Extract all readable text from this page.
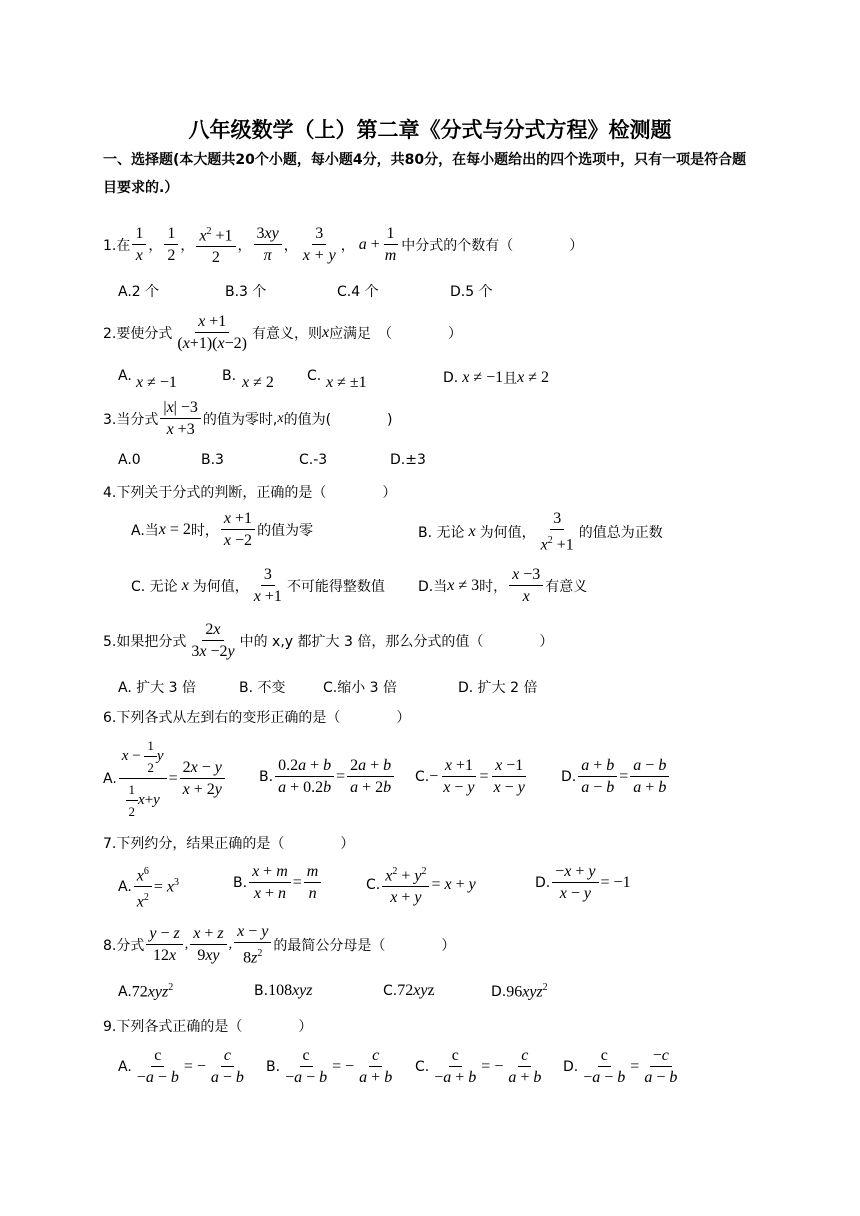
八年级数学（上）第二章《分式与分式方程》检测题
一、选择题(本大题共20个小题，每小题4分，共80分，在每小题给出的四个选项中，只有一项是符合题目要求的.）
1.在 $\frac{1}{x}$ ， $\frac{1}{2}$ ， $\frac{x^2 +1}{2}$ ， $\frac{3xy}{\pi}$ ， $\frac{3}{x + y}$ ， $a + \frac{1}{m}$ 中分式的个数有（　　　　）
A.2 个	B.3 个	C.4 个	D.5 个
2.要使分式 $\frac{x +1}{(x+1)(x-2)}$ 有意义，则 x 应满足　（　　　　）
A. x ≠ −1	B. x ≠ 2 C. x ≠ ±1	D. x ≠ −1 且 x ≠ 2
3.当分式 $\frac{|x| -3}{x +3}$ 的值为零时, x 的值为(　　　　)
A.0	B.3	C.-3	D.±3
4.下列关于分式的判断，正确的是（　　　　）
A.当 x = 2 时， $\frac{x +1}{x -2}$ 的值为零	B. 无论 x 为何值， $\frac{3}{x^2 +1}$ 的值总为正数
C. 无论 x 为何值， $\frac{3}{x +1}$ 不可能得整数值 D.当 x ≠ 3 时， $\frac{x -3}{x}$ 有意义
5.如果把分式 $\frac{2x}{3x -2y}$ 中的 x,y 都扩大 3 倍，那么分式的值（　　　　）
A. 扩大 3 倍	B. 不变	C.缩小 3 倍	D. 扩大 2 倍
6.下列各式从左到右的变形正确的是（　　　　）
A. $\frac{x - \frac{1}{2} y}{\frac{1}{2} x + y} = \frac{2x - y}{x + 2y} B$. $\frac{0.2a + b}{a + 0.2b} = \frac{2a + b}{a + 2b} C$. − $\frac{x +1}{x - y} = \frac{x -1}{x - y} D$. $\frac{a + b}{a - b} = \frac{a - b}{a + b}$
7.下列约分，结果正确的是（　　　　）
A. $\frac{x^6}{x^2} = x^3$	B. $\frac{x + m}{x + n} = \frac{m}{n}$	C. $\frac{x^2 + y^2}{x + y} = x + y$	D. $\frac{-x + y}{x - y} = -1$
8.分式 $\frac{y - z}{12x}$ , $\frac{x + z}{9xy}$ , $\frac{x - y}{8z^2}$ 的最简公分母是（　　　　）
A. 72xyz$^2$	B. 108xyz	C. 72xyz	D. 96xyz$^2$
9.下列各式正确的是（　　　　）
A. $\frac{c}{-a - b}$ = − $\frac{c}{a - b} B$. $\frac{c}{-a - b}$ = − $\frac{c}{a + b} C$. $\frac{c}{-a + b}$ = − $\frac{c}{a + b} D$. $\frac{c}{-a - b} = \frac{-c}{a - b}$
